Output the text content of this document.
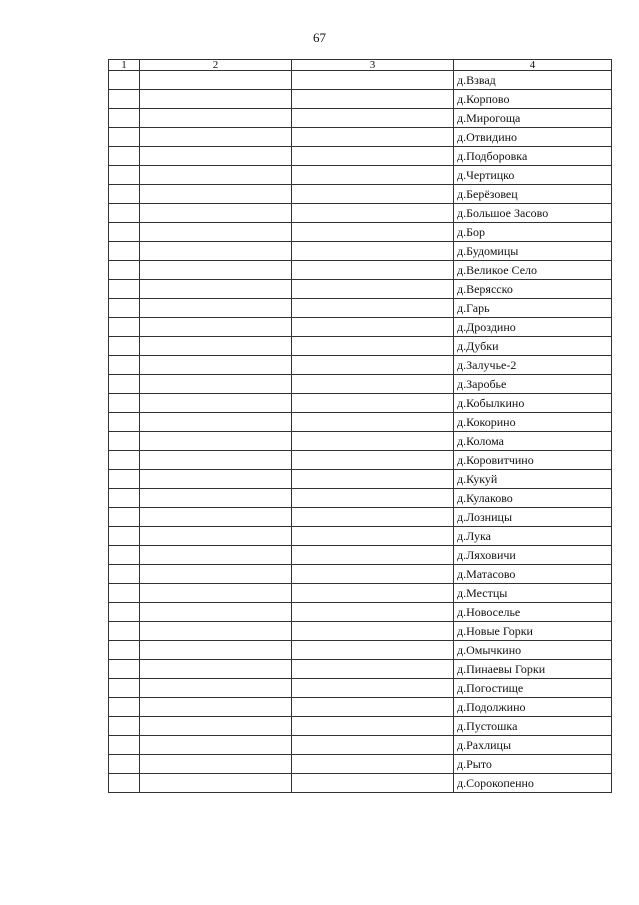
67
1	2	3	4
			д.Взвад
			д.Корпово
			д.Мирогоща
			д.Отвидино
			д.Подборовка
			д.Чертицко
			д.Берёзовец
			д.Большое Засово
			д.Бор
			д.Будомицы
			д.Великое Село
			д.Верясско
			д.Гарь
			д.Дроздино
			д.Дубки
			д.Залучье-2
			д.Заробье
			д.Кобылкино
			д.Кокорино
			д.Колома
			д.Коровитчино
			д.Кукуй
			д.Кулаково
			д.Лозницы
			д.Лука
			д.Ляховичи
			д.Матасово
			д.Местцы
			д.Новоселье
			д.Новые Горки
			д.Омычкино
			д.Пинаевы Горки
			д.Погостище
			д.Подолжино
			д.Пустошка
			д.Рахлицы
			д.Рыто
			д.Сорокопенно
